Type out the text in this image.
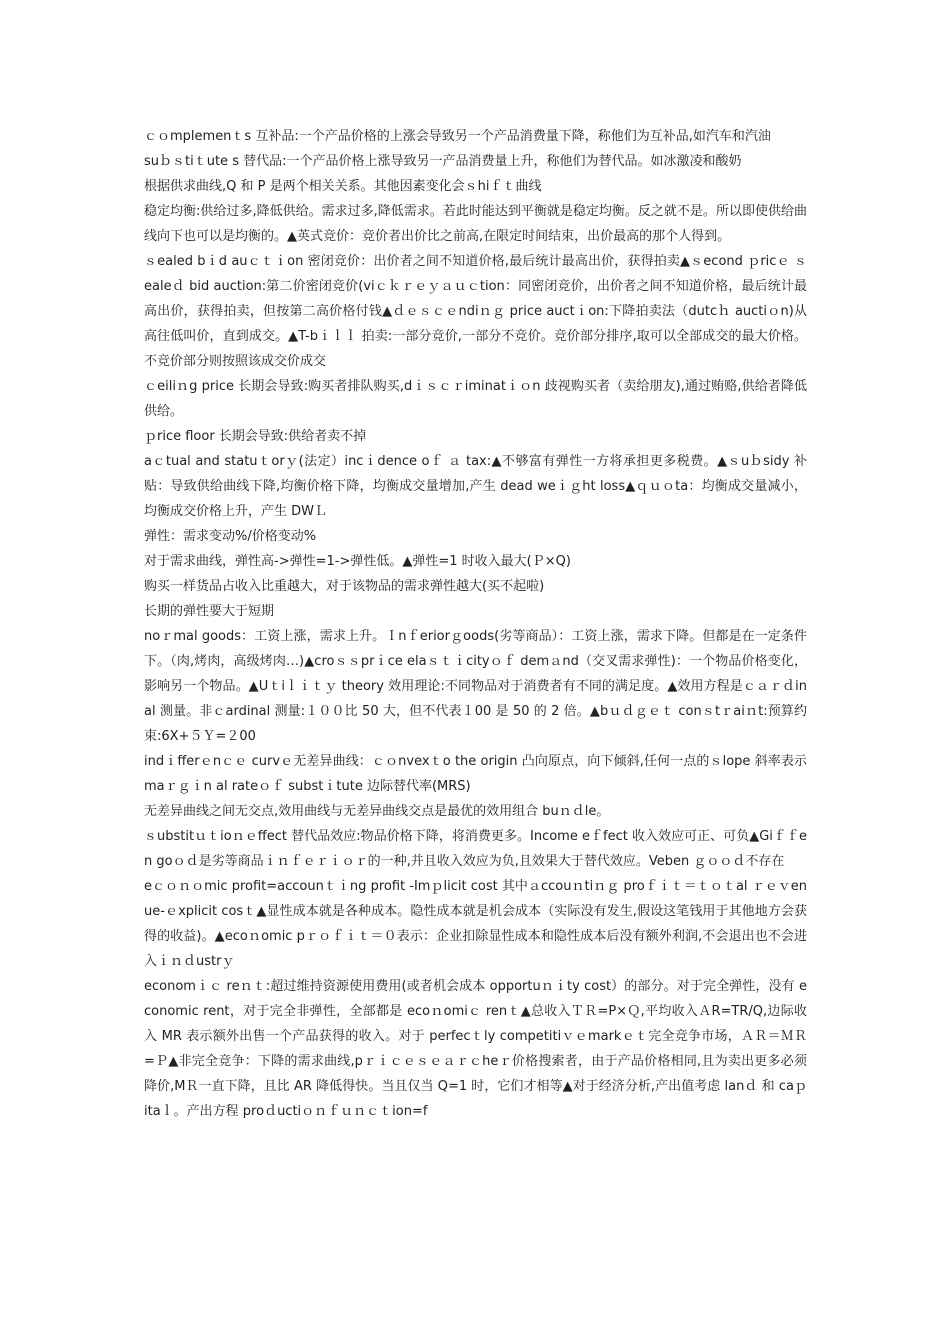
ｃｏmplemenｔs 互补品:一个产品价格的上涨会导致另一个产品消费量下降，称他们为互补品,如汽车和汽油

suｂｓtiｔute s 替代品:一个产品价格上涨导致另一产品消费量上升，称他们为替代品。如冰激凌和酸奶

根据供求曲线,Q 和 P 是两个相关关系。其他因素变化会ｓhiｆｔ曲线

稳定均衡:供给过多,降低供给。需求过多,降低需求。若此时能达到平衡就是稳定均衡。反之就不是。所以即使供给曲线向下也可以是均衡的。▲英式竞价：竞价者出价比之前高,在限定时间结束，出价最高的那个人得到。

ｓealed bｉd auｃｔｉon 密闭竞价：出价者之间不知道价格,最后统计最高出价，获得拍卖▲ｓecond ｐricｅ ｓealeｄ bid auction:第二价密闭竞价(viｃｋｒｅｙａｕｃtion：同密闭竞价，出价者之间不知道价格，最后统计最高出价，获得拍卖，但按第二高价格付钱▲ｄｅｓｃｅndiｎｇ price auctｉon:下降拍卖法（dutcｈ auctiｏn)从高往低叫价，直到成交。▲T-bｉｌｌ 拍卖:一部分竞价,一部分不竞价。竞价部分排序,取可以全部成交的最大价格。不竞价部分则按照该成交价成交

ｃeiliｎg price 长期会导致:购买者排队购买,dｉｓｃｒiminatｉｏn 歧视购买者（卖给朋友),通过贿赂,供给者降低供给。

ｐrice floor 长期会导致:供给者卖不掉

aｃtual and statuｔorｙ(法定）incｉdence oｆ ａ tax:▲不够富有弹性一方将承担更多税费。▲ｓuｂsidy 补贴：导致供给曲线下降,均衡价格下降，均衡成交量增加,产生 dead weｉｇht loss▲ｑｕｏta：均衡成交量减小，均衡成交价格上升，产生 DWＬ

弹性：需求变动%/价格变动%

对于需求曲线，弹性高->弹性=1->弹性低。▲弹性=1 时收入最大(Ｐ×Q)

购买一样货品占收入比重越大，对于该物品的需求弹性越大(买不起啦)

长期的弹性要大于短期

noｒmal goods：工资上涨，需求上升。Ｉnｆeriorｇoods(劣等商品）：工资上涨，需求下降。但都是在一定条件下。（肉,烤肉，高级烤肉…)▲croｓｓprｉce elaｓｔｉcityｏｆ demａnd（交叉需求弹性)：一个物品价格变化，影响另一个物品。▲Uｔiｌｉｔｙ theory 效用理论:不同物品对于消费者有不同的满足度。▲效用方程是ｃａｒｄinal 测量。非ｃardinal 测量:１００比 50 大，但不代表１00 是 50 的 2 倍。▲bｕｄｇｅｔ conｓtｒaiｎt:预算约束:6X+５Ｙ=２00

indｉfferｅnｃｅ curvｅ无差异曲线：ｃｏnvexｔo the origin 凸向原点，向下倾斜,任何一点的ｓlope 斜率表示 maｒｇｉn al rateｏｆ substｉtute 边际替代率(MRS)

无差异曲线之间无交点,效用曲线与无差异曲线交点是最优的效用组合 buｎｄle。

ｓubstitｕｔioｎｅffect 替代品效应:物品价格下降，将消费更多。Income eｆfect 收入效应可正、可负▲Giｆｆen goｏｄ是劣等商品ｉｎｆｅｒｉｏｒ的一种,并且收入效应为负,且效果大于替代效应。Veben ｇｏｏｄ不存在

eｃｏｎｏmic profit=accounｔｉng profit -Imｐlicit cost 其中ａccouｎtiｎｇ proｆｉｔ＝ｔｏｔal ｒｅｖenue-ｅxplicit cosｔ▲显性成本就是各种成本。隐性成本就是机会成本（实际没有发生,假设这笔钱用于其他地方会获得的收益)。▲ecoｎomic pｒｏｆｉｔ＝０表示：企业扣除显性成本和隐性成本后没有额外利润,不会退出也不会进入ｉｎｄustrｙ

economｉｃ reｎｔ:超过维持资源使用费用(或者机会成本 opportuｎｉty cost）的部分。对于完全弹性，没有 economic rent，对于完全非弹性，全部都是 ecoｎomiｃ renｔ▲总收入ＴＲ=P×Ｑ,平均收入ＡR=TR/Q,边际收入 MR 表示额外出售一个产品获得的收入。对于 perfecｔly competitiｖｅmarkｅｔ完全竞争市场，ＡＲ＝ＭＲ=Ｐ▲非完全竞争：下降的需求曲线,pｒｉｃｅｓｅａｒｃheｒ价格搜索者，由于产品价格相同,且为卖出更多必须降价,MＲ一直下降，且比 AR 降低得快。当且仅当 Q=1 时，它们才相等▲对于经济分析,产出值考虑 lanｄ 和 caｐitaｌ。产出方程 proｄuctiｏｎｆｕｎｃｔion=f
